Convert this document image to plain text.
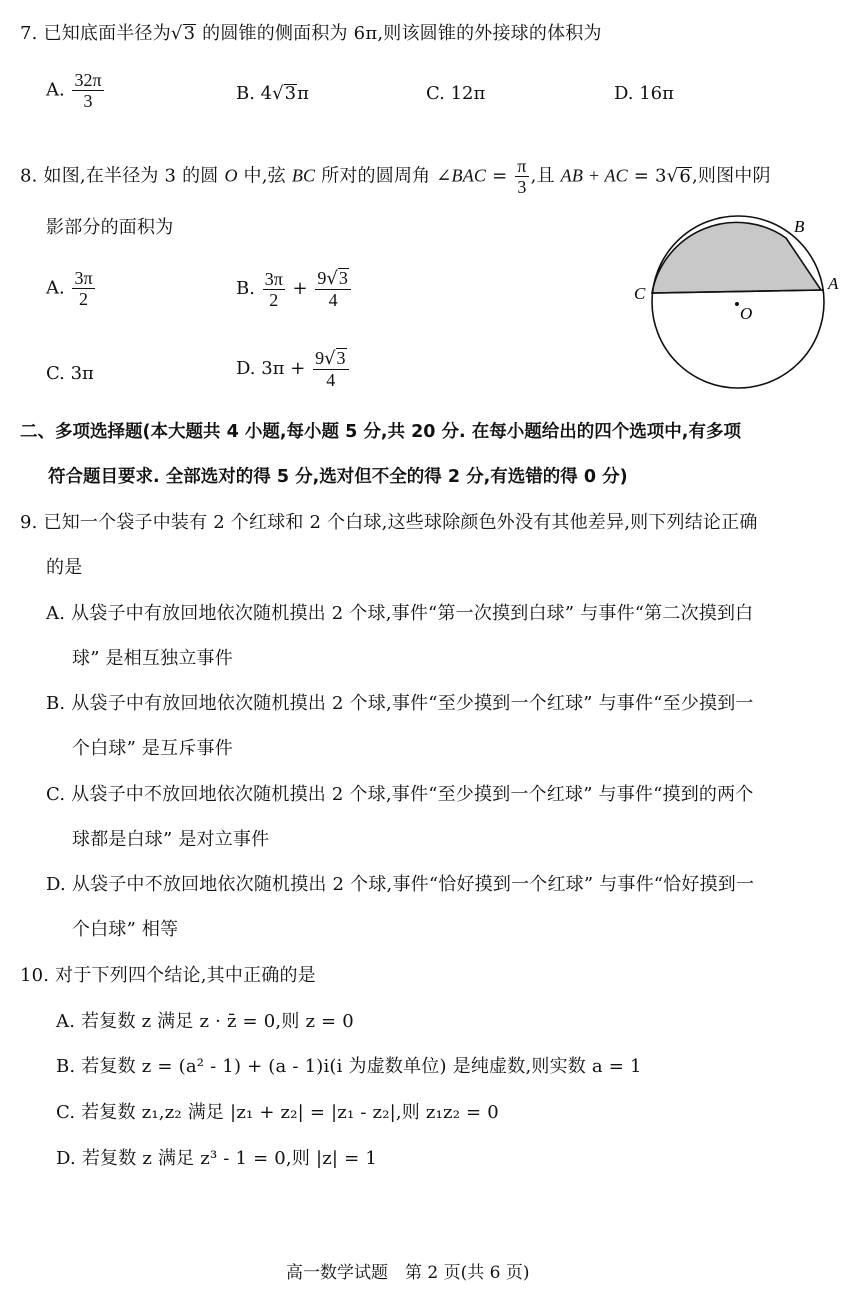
7. 已知底面半径为√3 的圆锥的侧面积为 6π,则该圆锥的外接球的体积为
A. $\frac{32\pi}{3}$	B. 4√3π	C. 12π	D. 16π
8. 如图,在半径为 3 的圆 O 中,弦 BC 所对的圆周角 ∠BAC = $\frac{\pi}{3}$ ,且 AB + AC = 3√6,则图中阴
影部分的面积为
A. $\frac{3\pi}{2}$	B. $\frac{3\pi}{2} + \frac{9√3}{4}$
C. 3π	D. $3\pi + \frac{9√3}{4}$
B
A
C
O
二、多项选择题(本大题共 4 小题,每小题 5 分,共 20 分. 在每小题给出的四个选项中,有多项
符合题目要求. 全部选对的得 5 分,选对但不全的得 2 分,有选错的得 0 分)
9. 已知一个袋子中装有 2 个红球和 2 个白球,这些球除颜色外没有其他差异,则下列结论正确
的是
A. 从袋子中有放回地依次随机摸出 2 个球,事件“第一次摸到白球” 与事件“第二次摸到白
球” 是相互独立事件
B. 从袋子中有放回地依次随机摸出 2 个球,事件“至少摸到一个红球” 与事件“至少摸到一
个白球” 是互斥事件
C. 从袋子中不放回地依次随机摸出 2 个球,事件“至少摸到一个红球” 与事件“摸到的两个
球都是白球” 是对立事件
D. 从袋子中不放回地依次随机摸出 2 个球,事件“恰好摸到一个红球” 与事件“恰好摸到一
个白球” 相等
10. 对于下列四个结论,其中正确的是
A. 若复数 z 满足 z · z̄ = 0,则 z = 0
B. 若复数 z = (a² - 1) + (a - 1)i(i 为虚数单位) 是纯虚数,则实数 a = 1
C. 若复数 z₁,z₂ 满足 |z₁ + z₂| = |z₁ - z₂|,则 z₁z₂ = 0
D. 若复数 z 满足 z³ - 1 = 0,则 |z| = 1
高一数学试题　第 2 页(共 6 页)
